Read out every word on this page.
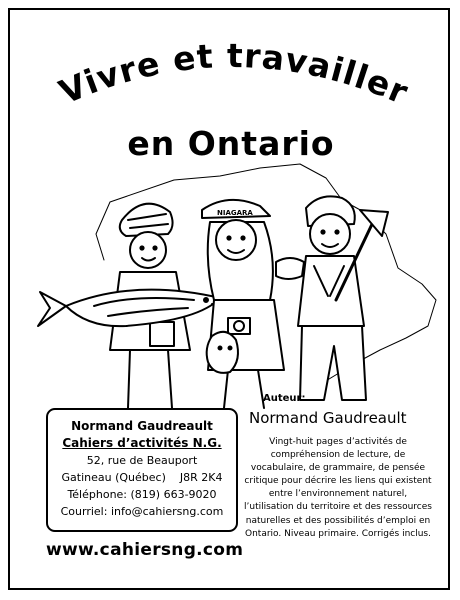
Vivre et travailler
en Ontario
NIAGARA
Normand Gaudreault
Cahiers d’activités N.G.
52, rue de Beauport
Gatineau (Québec) J8R 2K4
Téléphone: (819) 663-9020
Courriel: info@cahiersng.com
www.cahiersng.com
Auteur:
Normand Gaudreault
Vingt-huit pages d’activités de compréhension de lecture, de vocabulaire, de grammaire, de pensée critique pour décrire les liens qui existent entre l’environnement naturel, l’utilisation du territoire et des ressources naturelles et des possibilités d’emploi en Ontario. Niveau primaire. Corrigés inclus.
